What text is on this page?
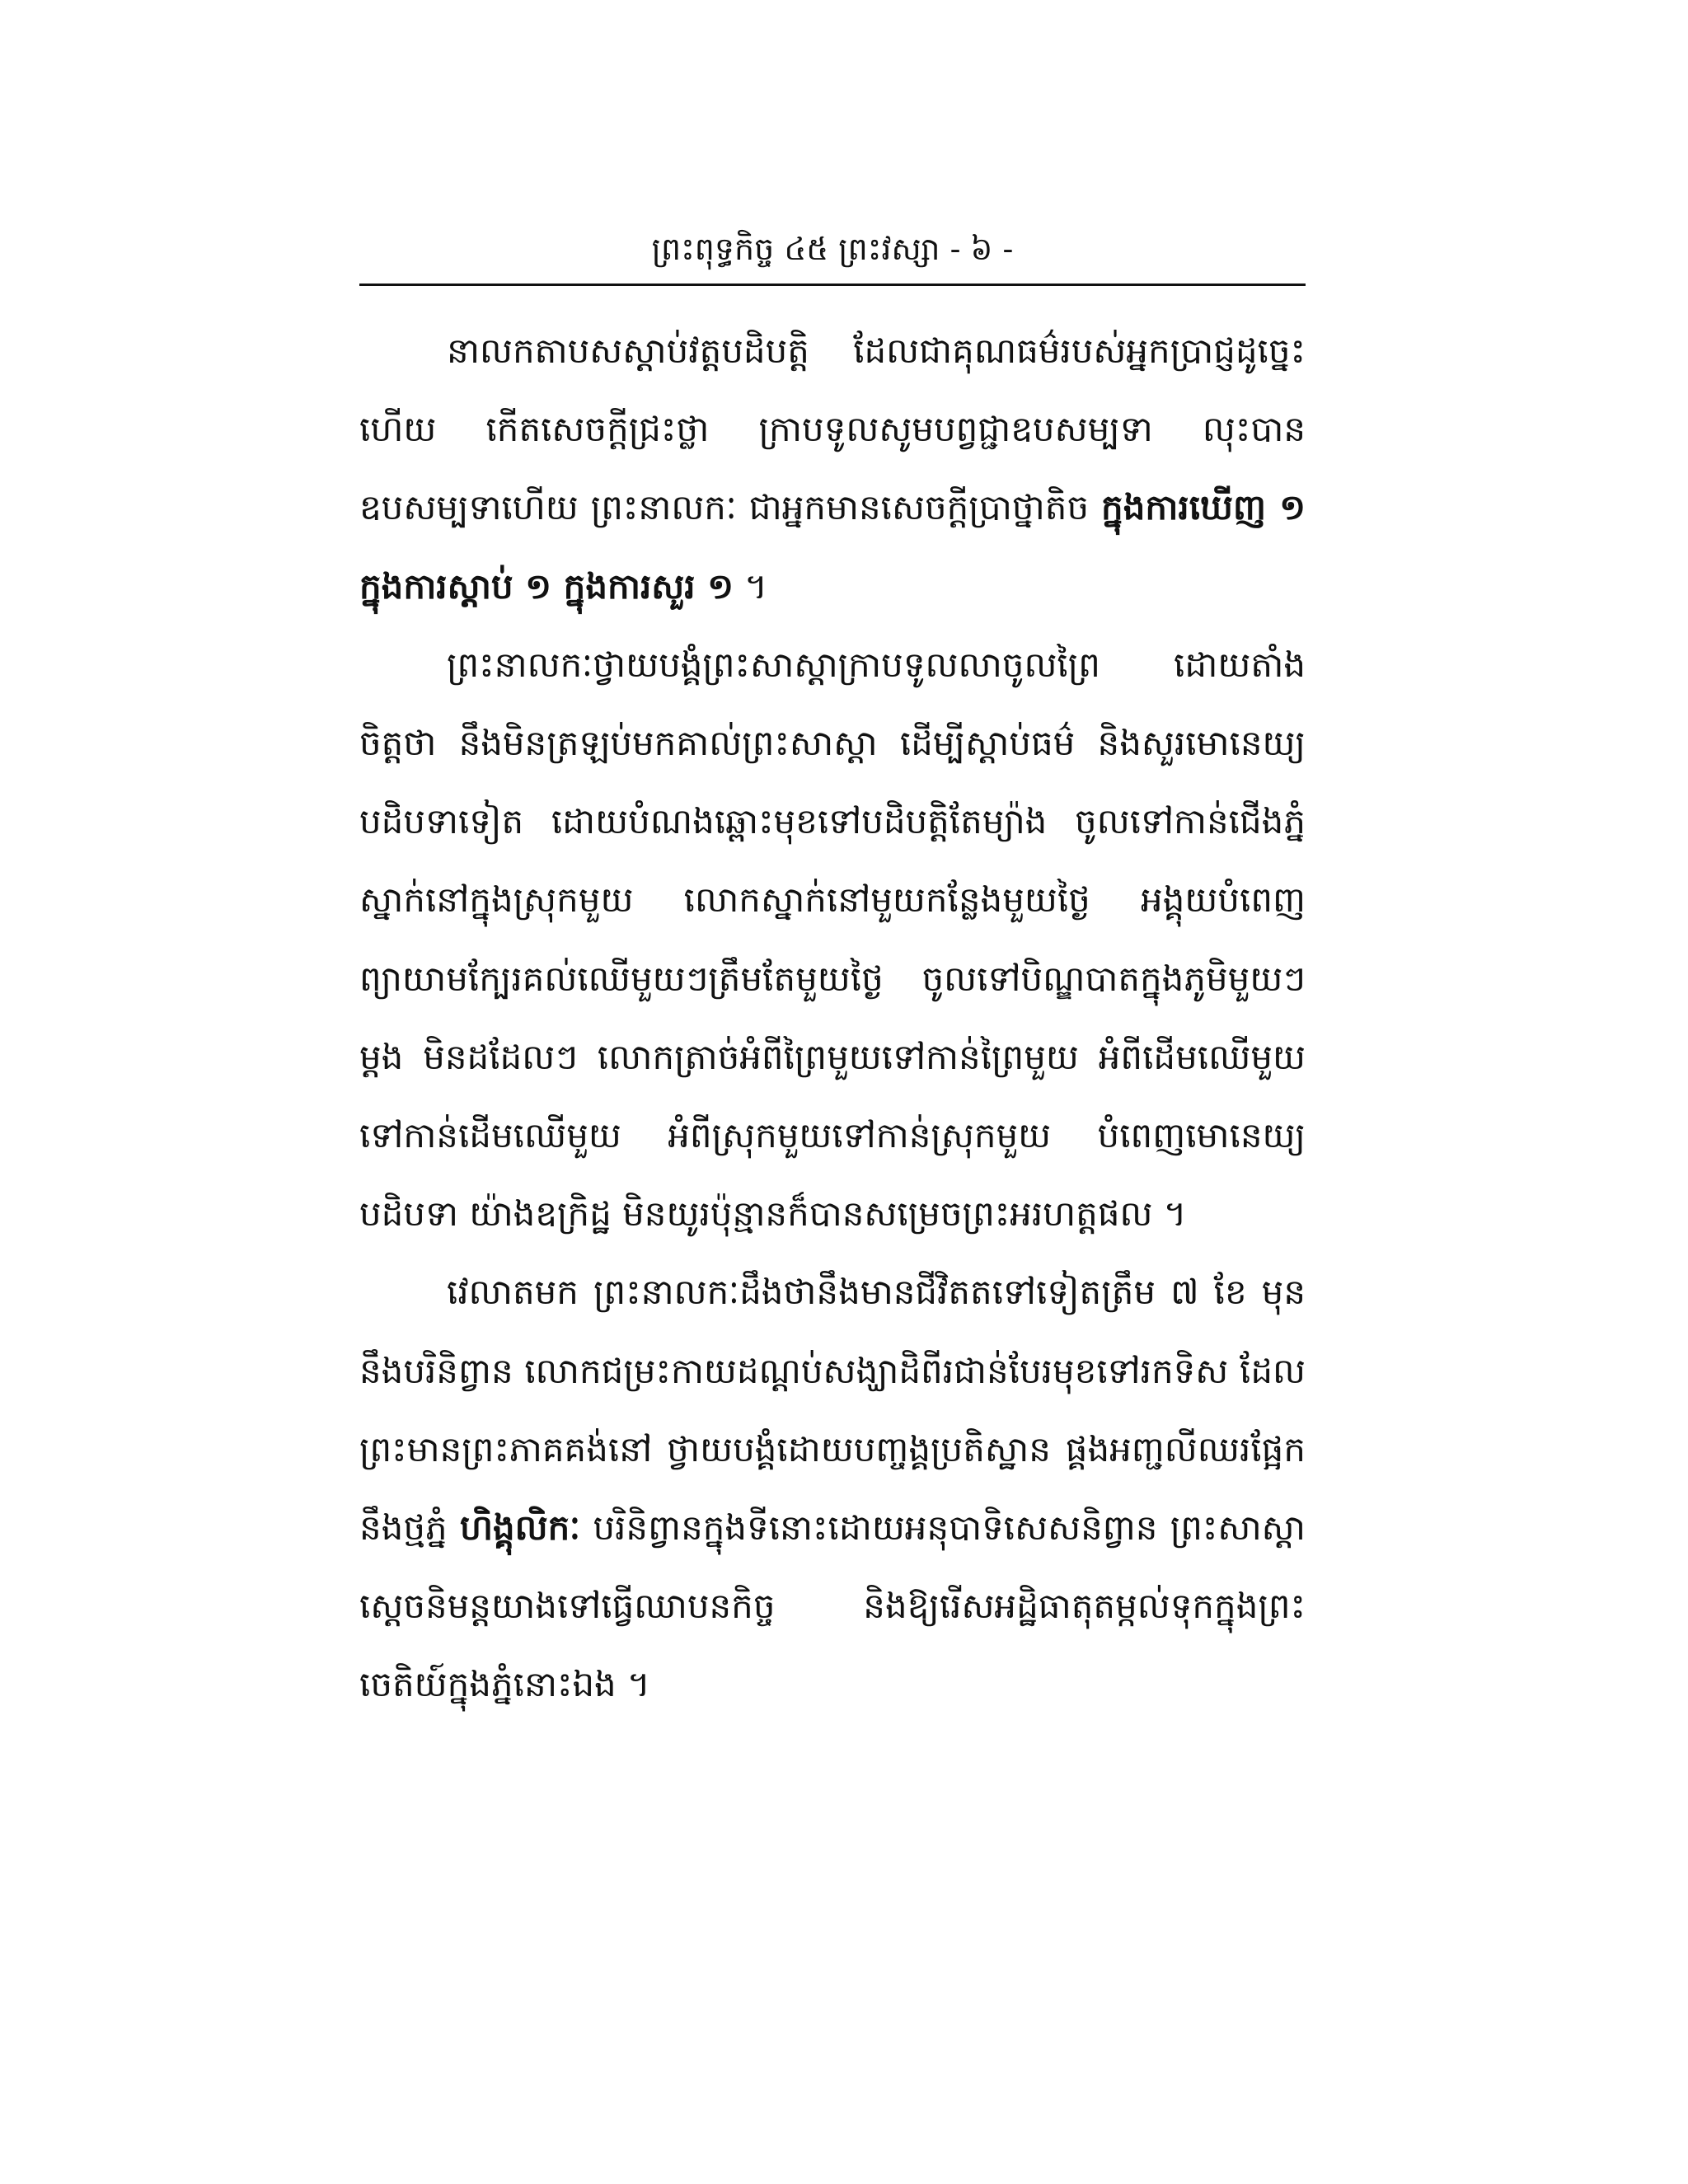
ព្រះពុទ្ធកិច្ច ៤៥ ព្រះវស្សា - ៦ -

នាលកតាបសស្តាប់វត្តបដិបត្តិ ដែលជាគុណធម៌របស់អ្នកប្រាជ្ញដូច្នេះហើយ កើតសេចក្តីជ្រះថ្លា ក្រាបទូលសូមបព្វជ្ជាឧបសម្បទា លុះបានឧបសម្បទាហើយ ព្រះនាលកៈ ជាអ្នកមានសេចក្តីប្រាថ្នាតិច ក្នុងការឃើញ ១ ក្នុងការស្តាប់ ១ ក្នុងការសួរ ១ ។

ព្រះនាលកៈថ្វាយបង្គំព្រះសាស្តាក្រាបទូលលាចូលព្រៃ ដោយតាំងចិត្តថា នឹងមិនត្រឡប់មកគាល់ព្រះសាស្តា ដើម្បីស្តាប់ធម៌ និងសួរមោនេយ្យបដិបទាទៀត ដោយបំណងឆ្ពោះមុខទៅបដិបត្តិតែម្យ៉ាង ចូលទៅកាន់ជើងភ្នំ ស្នាក់នៅក្នុងស្រុកមួយ លោកស្នាក់នៅមួយកន្លែងមួយថ្ងៃ អង្គុយបំពេញព្យាយាមក្បែរគល់ឈើមួយៗត្រឹមតែមួយថ្ងៃ ចូលទៅបិណ្ឌបាតក្នុងភូមិមួយៗ ម្តង មិនដដែលៗ លោកត្រាច់អំពីព្រៃមួយទៅកាន់ព្រៃមួយ អំពីដើមឈើមួយ ទៅកាន់ដើមឈើមួយ អំពីស្រុកមួយទៅកាន់ស្រុកមួយ បំពេញមោនេយ្យបដិបទា យ៉ាងឧក្រិដ្ឋ មិនយូរប៉ុន្មានក៏បានសម្រេចព្រះអរហត្តផល ។

វេលាតមក ព្រះនាលកៈដឹងថានឹងមានជីវិតតទៅទៀតត្រឹម ៧ ខែ មុននឹងបរិនិព្វាន លោកជម្រះកាយដណ្តប់សង្ឃាដិពីរជាន់បែរមុខទៅរកទិស ដែលព្រះមានព្រះភាគគង់នៅ ថ្វាយបង្គំដោយបញ្ចង្គប្រតិស្ឋាន ផ្គងអញ្ជលីឈរផ្អែកនឹងថ្មភ្នំ ហិង្គុលិកៈ បរិនិព្វានក្នុងទីនោះដោយអនុបាទិសេសនិព្វាន ព្រះសាស្តាស្តេចនិមន្តយាងទៅធ្វើឈាបនកិច្ច និងឱ្យរើសអដ្ឋិធាតុតម្កល់ទុកក្នុងព្រះចេតិយ៍ក្នុងភ្នំនោះឯង ។
